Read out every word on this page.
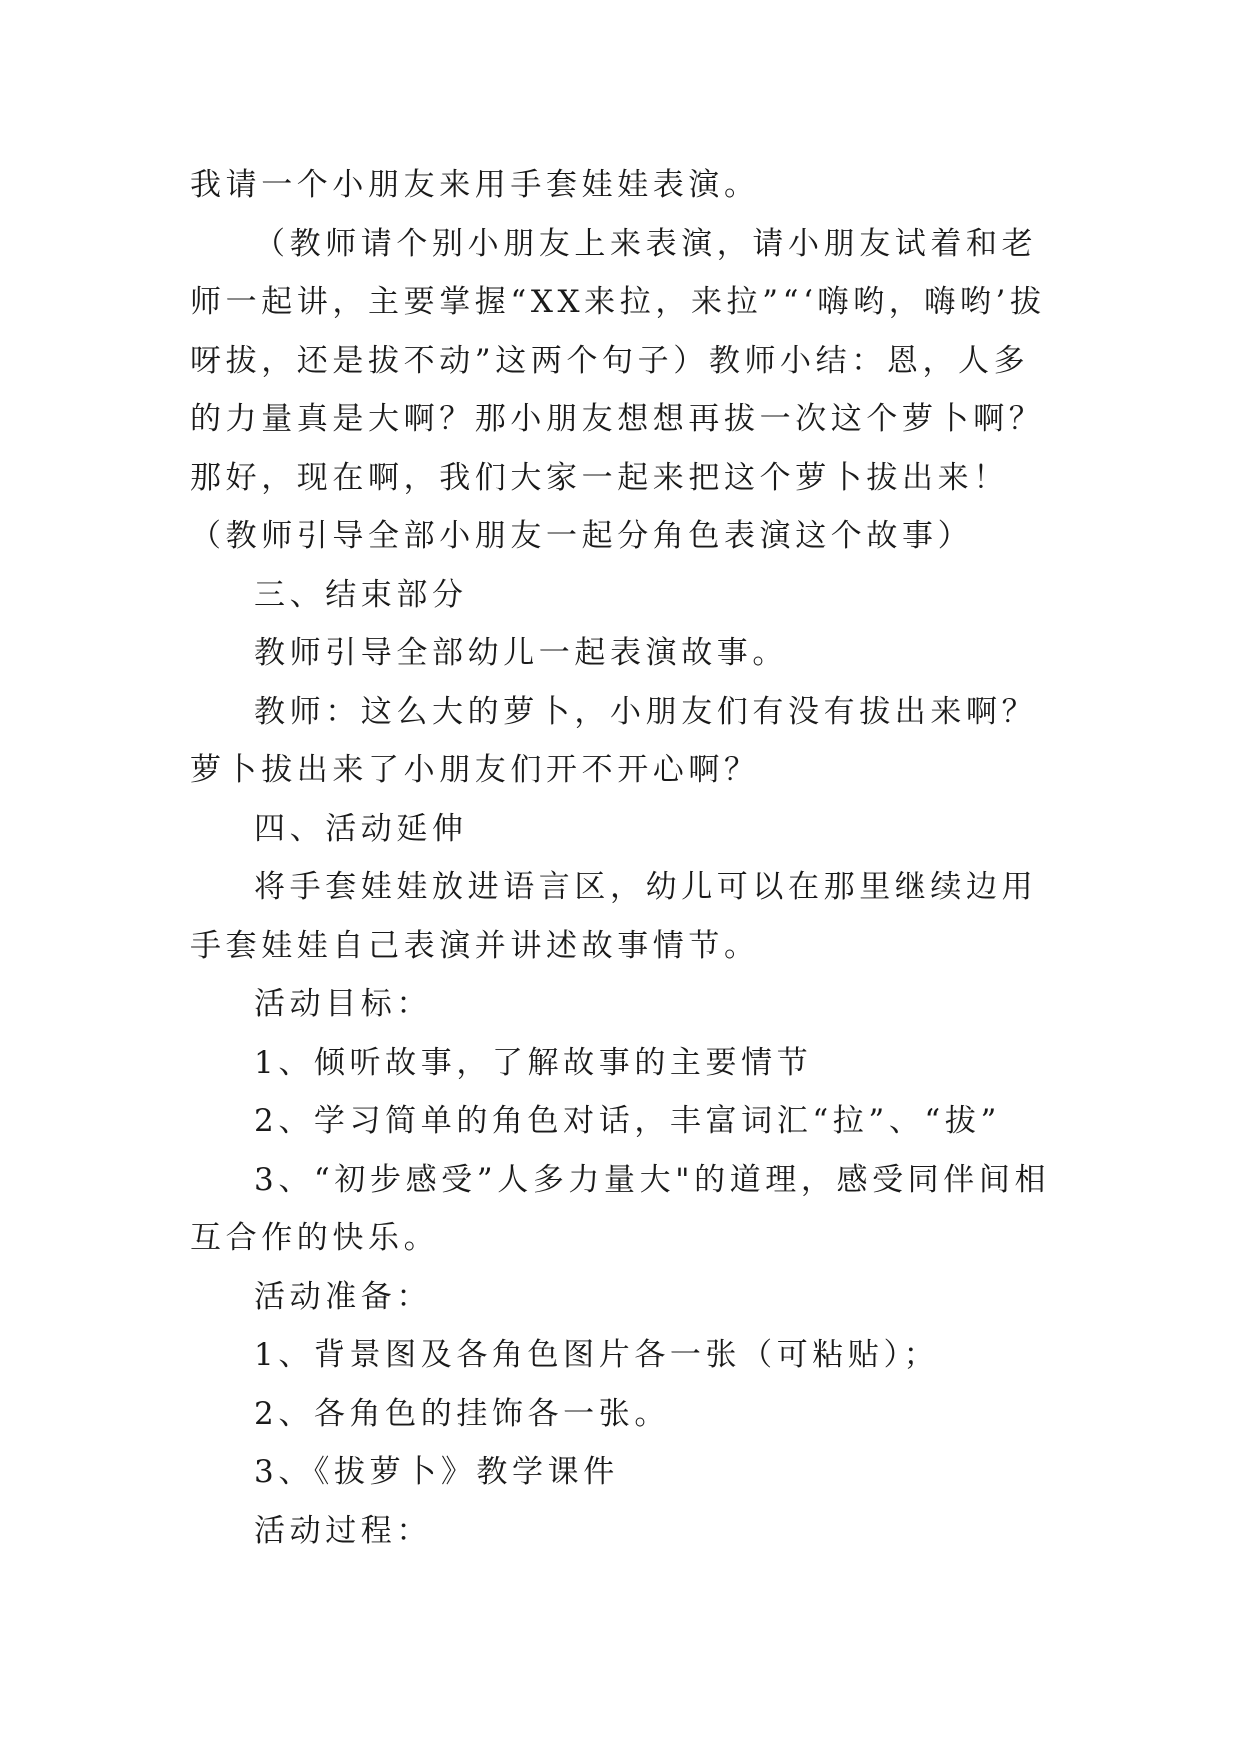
我请一个小朋友来用手套娃娃表演。

（教师请个别小朋友上来表演，请小朋友试着和老师一起讲，主要掌握“XX来拉，来拉”“‘嗨哟，嗨哟’拔呀拔，还是拔不动”这两个句子）教师小结：恩，人多的力量真是大啊？那小朋友想想再拔一次这个萝卜啊？那好，现在啊，我们大家一起来把这个萝卜拔出来！（教师引导全部小朋友一起分角色表演这个故事）

三、结束部分

教师引导全部幼儿一起表演故事。

教师：这么大的萝卜，小朋友们有没有拔出来啊？萝卜拔出来了小朋友们开不开心啊？

四、活动延伸

将手套娃娃放进语言区，幼儿可以在那里继续边用手套娃娃自己表演并讲述故事情节。

活动目标：

1、倾听故事，了解故事的主要情节

2、学习简单的角色对话，丰富词汇“拉”、“拔”

3、“初步感受”人多力量大"的道理，感受同伴间相互合作的快乐。

活动准备：

1、背景图及各角色图片各一张（可粘贴）；

2、各角色的挂饰各一张。

3、《拔萝卜》教学课件

活动过程：
